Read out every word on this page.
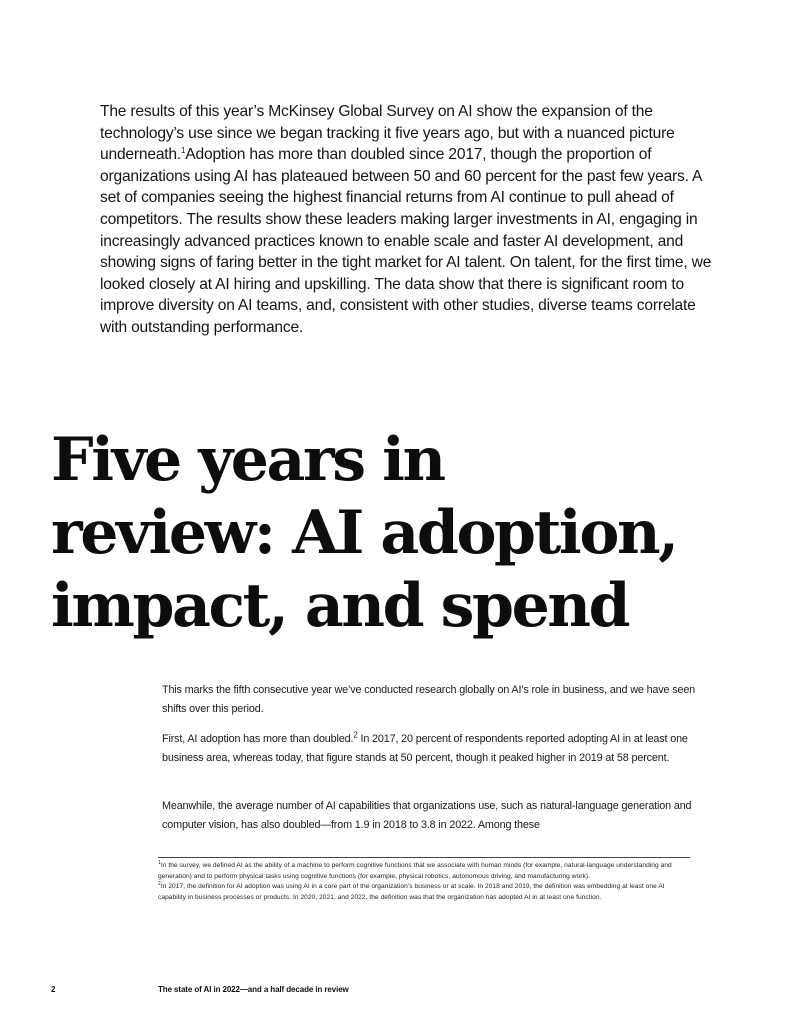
The results of this year’s McKinsey Global Survey on AI show the expansion of the technology’s use since we began tracking it five years ago, but with a nuanced picture underneath.$^1$Adoption has more than doubled since 2017, though the proportion of organizations using AI has plateaued between 50 and 60 percent for the past few years. A set of companies seeing the highest financial returns from AI continue to pull ahead of competitors. The results show these leaders making larger investments in AI, engaging in increasingly advanced practices known to enable scale and faster AI development, and showing signs of faring better in the tight market for AI talent. On talent, for the first time, we looked closely at AI hiring and upskilling. The data show that there is significant room to improve diversity on AI teams, and, consistent with other studies, diverse teams correlate with outstanding performance.

Five years in
review: AI adoption,
impact, and spend

This marks the fifth consecutive year we’ve conducted research globally on AI’s role in business, and we have seen shifts over this period.

First, AI adoption has more than doubled.$^2$ In 2017, 20 percent of respondents reported adopting AI in at least one business area, whereas today, that figure stands at 50 percent, though it peaked higher in 2019 at 58 percent.

Meanwhile, the average number of AI capabilities that organizations use, such as natural-language generation and computer vision, has also doubled—from 1.9 in 2018 to 3.8 in 2022. Among these

$^1$In the survey, we defined AI as the ability of a machine to perform cognitive functions that we associate with human minds (for example, natural-language understanding and generation) and to perform physical tasks using cognitive functions (for example, physical robotics, autonomous driving, and manufacturing work).

$^2$In 2017, the definition for AI adoption was using AI in a core part of the organization’s business or at scale. In 2018 and 2019, the definition was embedding at least one AI capability in business processes or products. In 2020, 2021, and 2022, the definition was that the organization has adopted AI in at least one function.

2	The state of AI in 2022—and a half decade in review
